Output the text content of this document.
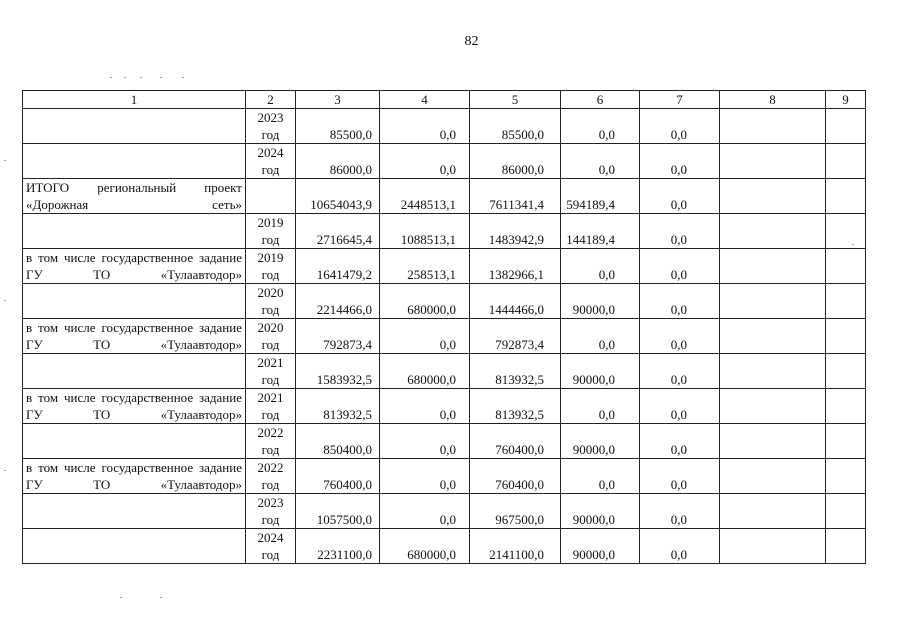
82
1	2	3	4	5	6	7	8	9
	2023 год	85500,0	0,0	85500,0	0,0	0,0		
	2024 год	86000,0	0,0	86000,0	0,0	0,0		
ИТОГО региональный проект «Дорожная сеть»		10654043,9	2448513,1	7611341,4	594189,4	0,0		
	2019 год	2716645,4	1088513,1	1483942,9	144189,4	0,0		
в том числе государственное задание ГУ ТО «Тулаавтодор»	2019 год	1641479,2	258513,1	1382966,1	0,0	0,0		
	2020 год	2214466,0	680000,0	1444466,0	90000,0	0,0		
в том числе государственное задание ГУ ТО «Тулаавтодор»	2020 год	792873,4	0,0	792873,4	0,0	0,0		
	2021 год	1583932,5	680000,0	813932,5	90000,0	0,0		
в том числе государственное задание ГУ ТО «Тулаавтодор»	2021 год	813932,5	0,0	813932,5	0,0	0,0		
	2022 год	850400,0	0,0	760400,0	90000,0	0,0		
в том числе государственное задание ГУ ТО «Тулаавтодор»	2022 год	760400,0	0,0	760400,0	0,0	0,0		
	2023 год	1057500,0	0,0	967500,0	90000,0	0,0		
	2024 год	2231100,0	680000,0	2141100,0	90000,0	0,0		
